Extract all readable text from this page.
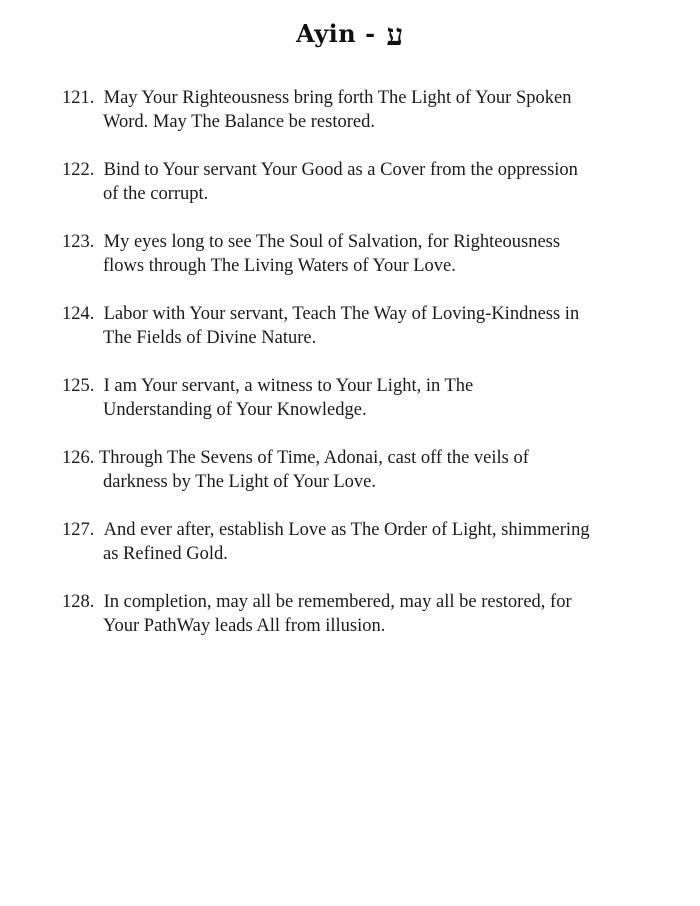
Ayin - ע

121. May Your Righteousness bring forth The Light of Your Spoken
Word. May The Balance be restored.

122. Bind to Your servant Your Good as a Cover from the oppression
of the corrupt.

123. My eyes long to see The Soul of Salvation, for Righteousness
flows through The Living Waters of Your Love.

124. Labor with Your servant, Teach The Way of Loving-Kindness in
The Fields of Divine Nature.

125. I am Your servant, a witness to Your Light, in The
Understanding of Your Knowledge.

126. Through The Sevens of Time, Adonai, cast off the veils of
darkness by The Light of Your Love.

127. And ever after, establish Love as The Order of Light, shimmering
as Refined Gold.

128. In completion, may all be remembered, may all be restored, for
Your PathWay leads All from illusion.
